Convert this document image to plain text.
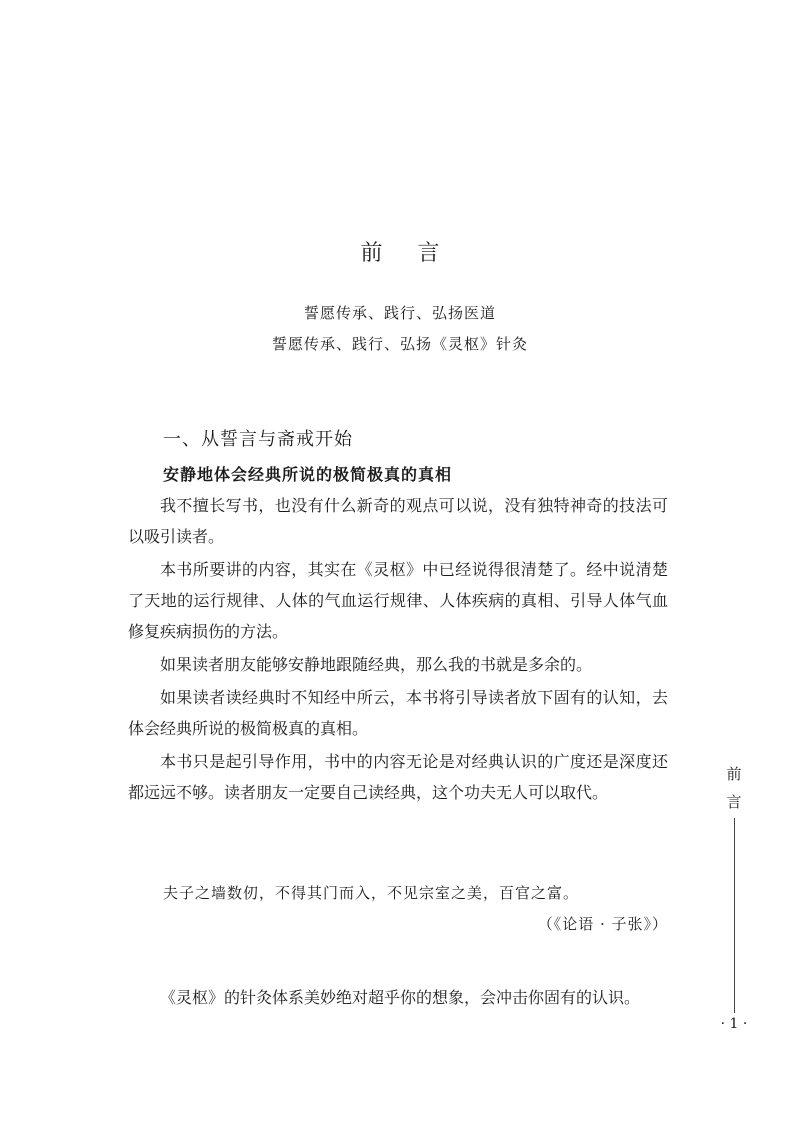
前 言
誓愿传承、践行、弘扬医道
誓愿传承、践行、弘扬《灵枢》针灸
一、从誓言与斋戒开始
安静地体会经典所说的极简极真的真相

我不擅长写书，也没有什么新奇的观点可以说，没有独特神奇的技法可以吸引读者。

本书所要讲的内容，其实在《灵枢》中已经说得很清楚了。经中说清楚了天地的运行规律、人体的气血运行规律、人体疾病的真相、引导人体气血修复疾病损伤的方法。

如果读者朋友能够安静地跟随经典，那么我的书就是多余的。

如果读者读经典时不知经中所云，本书将引导读者放下固有的认知，去体会经典所说的极简极真的真相。

本书只是起引导作用，书中的内容无论是对经典认识的广度还是深度还都远远不够。读者朋友一定要自己读经典，这个功夫无人可以取代。

夫子之墙数仞，不得其门而入，不见宗室之美，百官之富。
（《论语 · 子张》）

《灵枢》的针灸体系美妙绝对超乎你的想象，会冲击你固有的认识。

前
言
· 1 ·
